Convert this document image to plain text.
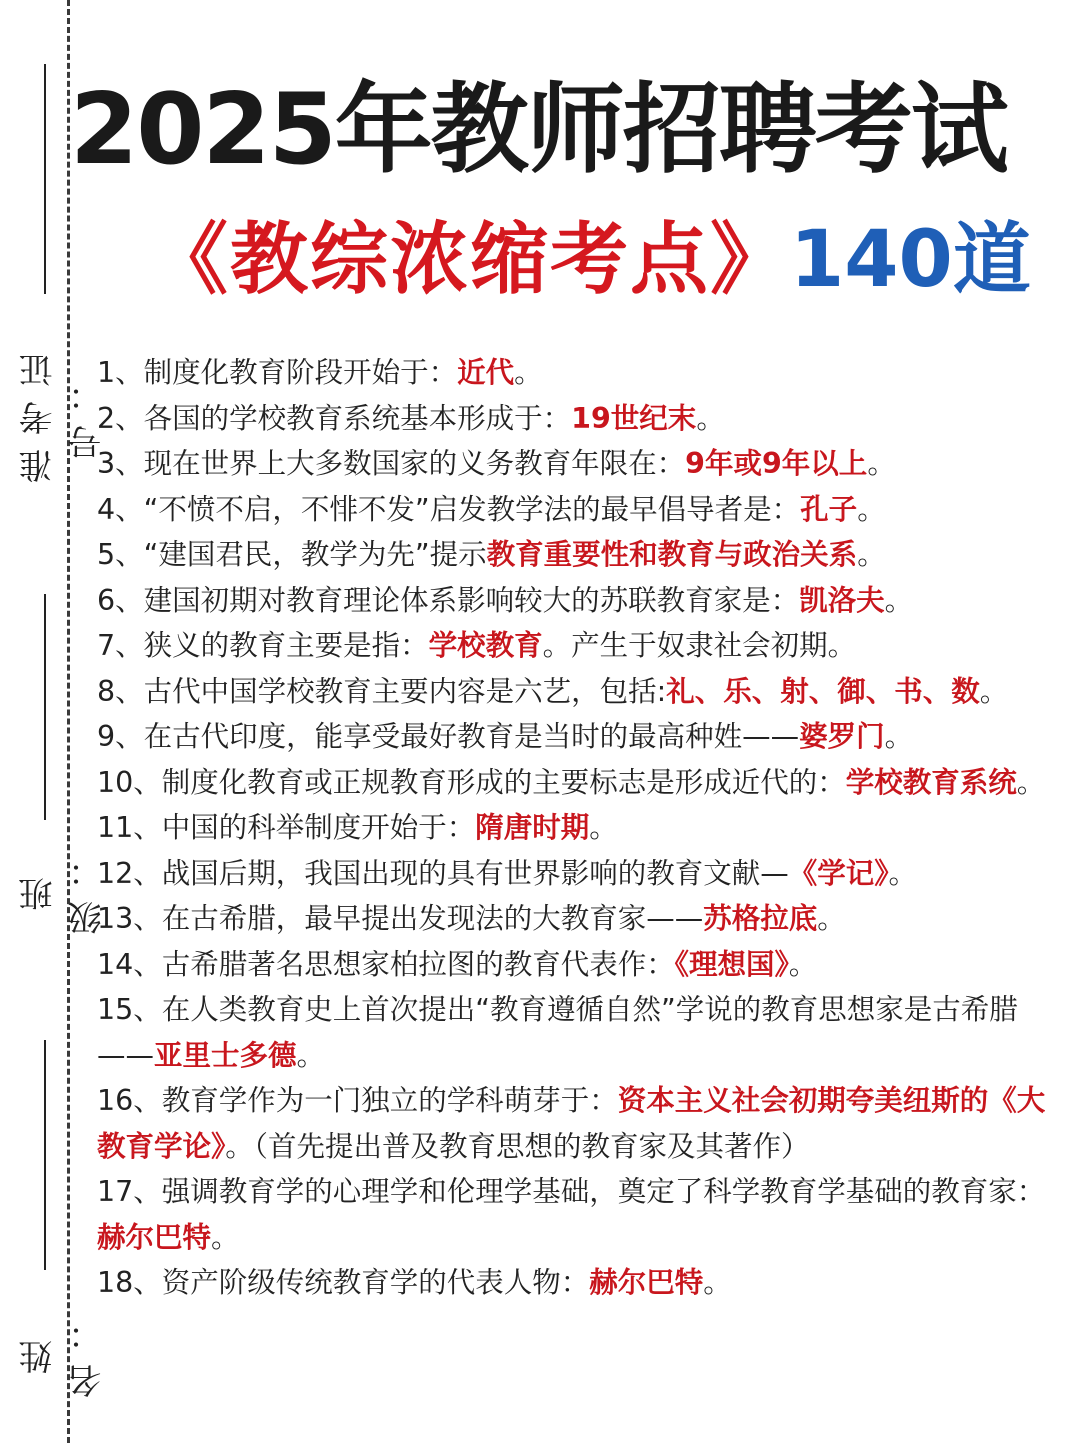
准考证号：
班级：
姓名：
2025年教师招聘考试
《教综浓缩考点》140道
1、制度化教育阶段开始于：近代。
2、各国的学校教育系统基本形成于：19世纪末。
3、现在世界上大多数国家的义务教育年限在：9年或9年以上。
4、“不愤不启，不悱不发”启发教学法的最早倡导者是：孔子。
5、“建国君民，教学为先”提示教育重要性和教育与政治关系。
6、建国初期对教育理论体系影响较大的苏联教育家是：凯洛夫。
7、狭义的教育主要是指：学校教育。产生于奴隶社会初期。
8、古代中国学校教育主要内容是六艺，包括:礼、乐、射、御、书、数。
9、在古代印度，能享受最好教育是当时的最高种姓——婆罗门。
10、制度化教育或正规教育形成的主要标志是形成近代的：学校教育系统。
11、中国的科举制度开始于：隋唐时期。
12、战国后期，我国出现的具有世界影响的教育文献—《学记》。
13、在古希腊，最早提出发现法的大教育家——苏格拉底。
14、古希腊著名思想家柏拉图的教育代表作：《理想国》。
15、在人类教育史上首次提出“教育遵循自然”学说的教育思想家是古希腊——亚里士多德。
16、教育学作为一门独立的学科萌芽于：资本主义社会初期夸美纽斯的《大教育学论》。（首先提出普及教育思想的教育家及其著作）
17、强调教育学的心理学和伦理学基础，奠定了科学教育学基础的教育家：赫尔巴特。
18、资产阶级传统教育学的代表人物：赫尔巴特。
